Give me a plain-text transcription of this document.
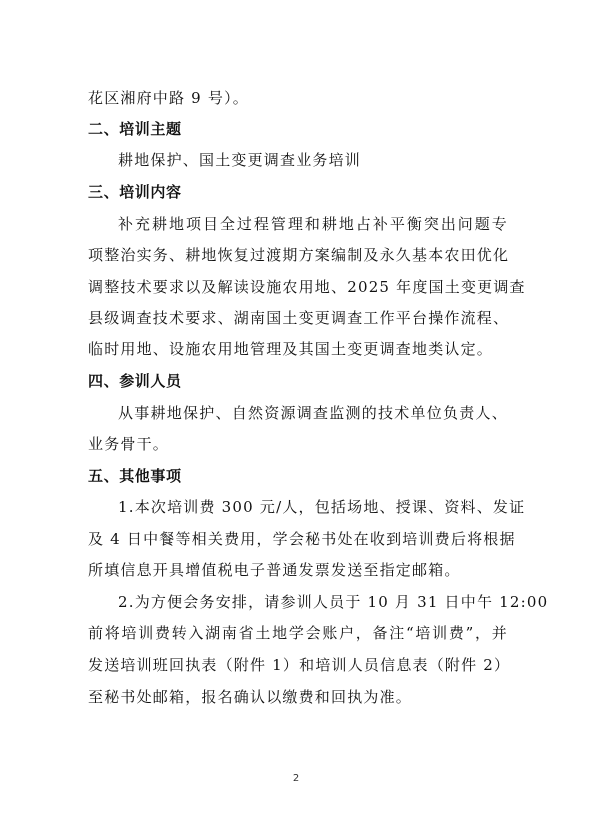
花区湘府中路 9 号）。
二、培训主题
耕地保护、国土变更调查业务培训
三、培训内容
补充耕地项目全过程管理和耕地占补平衡突出问题专
项整治实务、耕地恢复过渡期方案编制及永久基本农田优化
调整技术要求以及解读设施农用地、2025 年度国土变更调查
县级调查技术要求、湖南国土变更调查工作平台操作流程、
临时用地、设施农用地管理及其国土变更调查地类认定。
四、参训人员
从事耕地保护、自然资源调查监测的技术单位负责人、
业务骨干。
五、其他事项
1.本次培训费 300 元/人，包括场地、授课、资料、发证
及 4 日中餐等相关费用，学会秘书处在收到培训费后将根据
所填信息开具增值税电子普通发票发送至指定邮箱。
2.为方便会务安排，请参训人员于 10 月 31 日中午 12:00
前将培训费转入湖南省土地学会账户，备注“培训费”，并
发送培训班回执表（附件 1）和培训人员信息表（附件 2）
至秘书处邮箱，报名确认以缴费和回执为准。
2
